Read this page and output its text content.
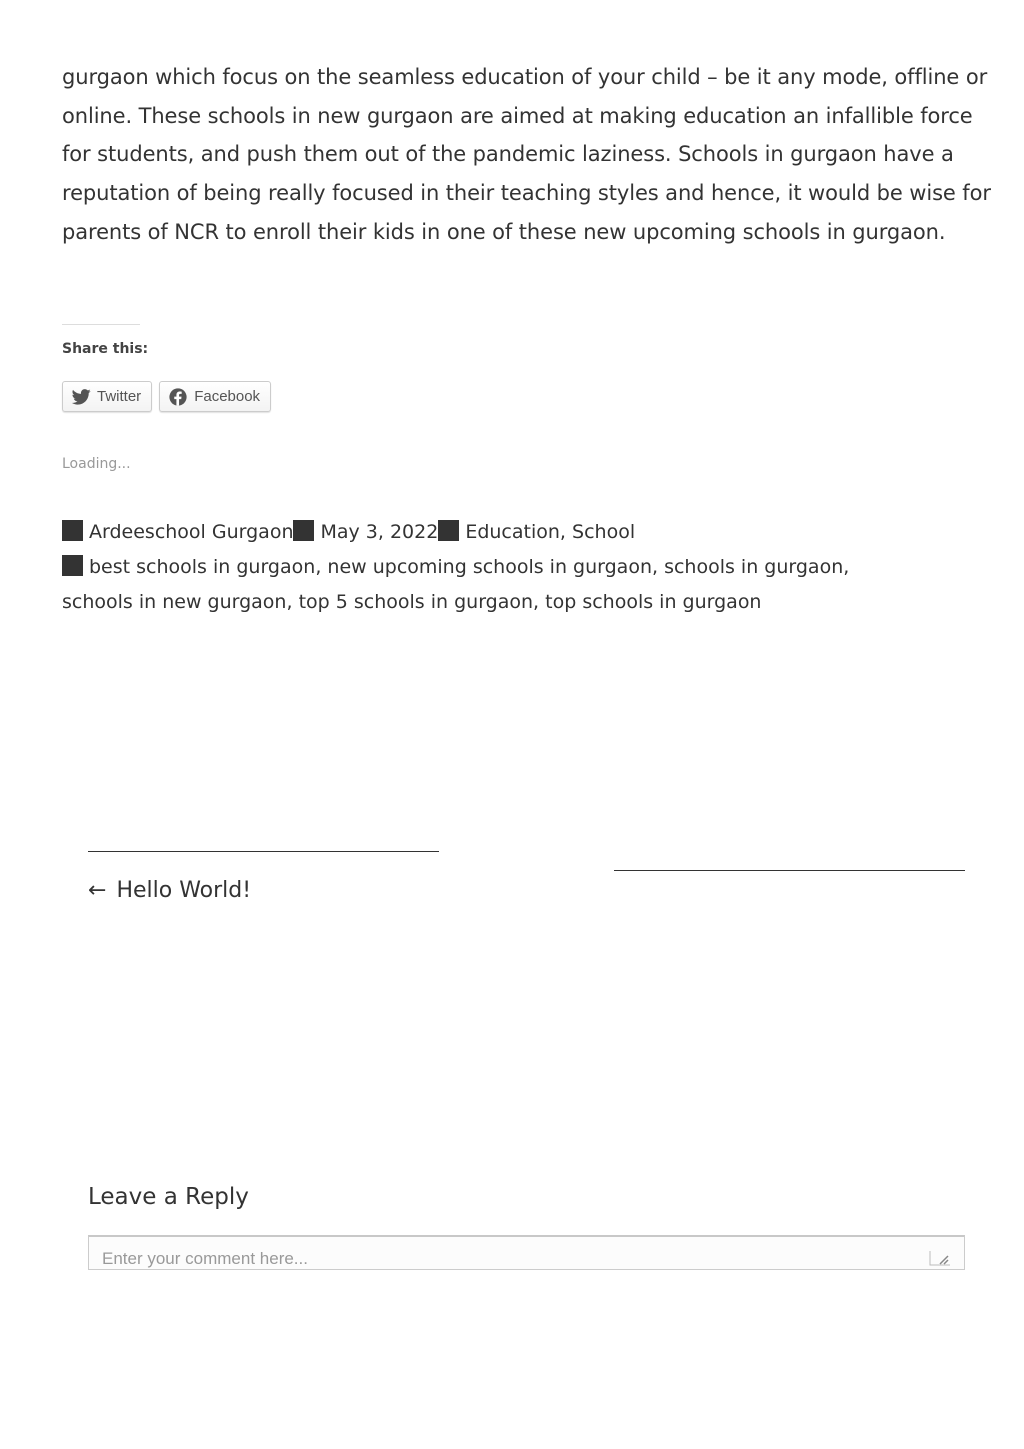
gurgaon which focus on the seamless education of your child – be it any mode, offline or online. These schools in new gurgaon are aimed at making education an infallible force for students, and push them out of the pandemic laziness. Schools in gurgaon have a reputation of being really focused in their teaching styles and hence, it would be wise for parents of NCR to enroll their kids in one of these new upcoming schools in gurgaon.

Share this:
Twitter	Facebook

Loading...

Ardeeschool Gurgaon May 3, 2022 Education, School
best schools in gurgaon, new upcoming schools in gurgaon, schools in gurgaon,
schools in new gurgaon, top 5 schools in gurgaon, top schools in gurgaon
← Hello World!
Leave a Reply
Enter your comment here...
